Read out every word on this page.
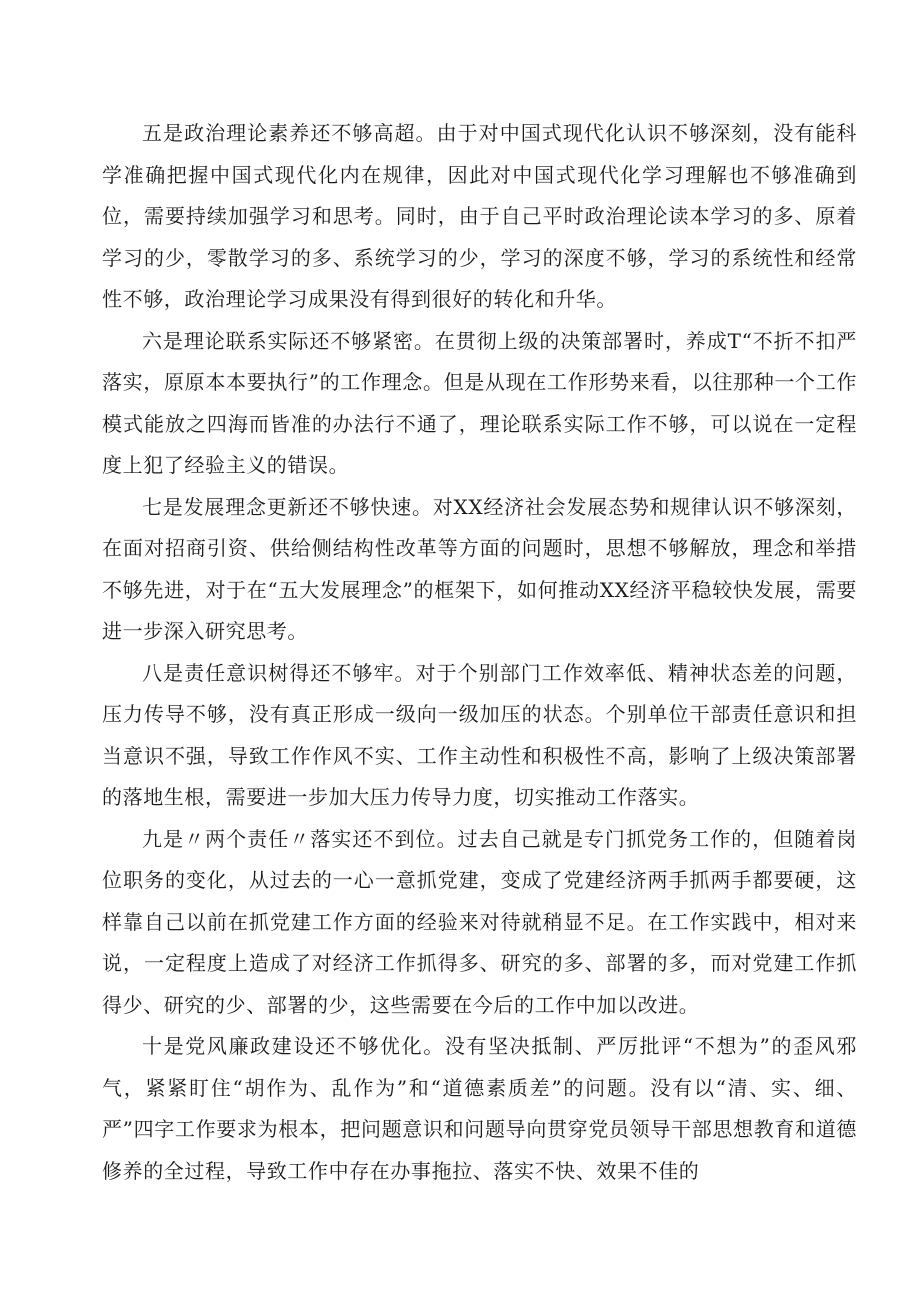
五是政治理论素养还不够高超。由于对中国式现代化认识不够深刻，没有能科学准确把握中国式现代化内在规律，因此对中国式现代化学习理解也不够准确到位，需要持续加强学习和思考。同时，由于自己平时政治理论读本学习的多、原着学习的少，零散学习的多、系统学习的少，学习的深度不够，学习的系统性和经常性不够，政治理论学习成果没有得到很好的转化和升华。

六是理论联系实际还不够紧密。在贯彻上级的决策部署时，养成T“不折不扣严落实，原原本本要执行”的工作理念。但是从现在工作形势来看，以往那种一个工作模式能放之四海而皆准的办法行不通了，理论联系实际工作不够，可以说在一定程度上犯了经验主义的错误。

七是发展理念更新还不够快速。对XX经济社会发展态势和规律认识不够深刻，在面对招商引资、供给侧结构性改革等方面的问题时，思想不够解放，理念和举措不够先进，对于在“五大发展理念”的框架下，如何推动XX经济平稳较快发展，需要进一步深入研究思考。

八是责任意识树得还不够牢。对于个别部门工作效率低、精神状态差的问题，压力传导不够，没有真正形成一级向一级加压的状态。个别单位干部责任意识和担当意识不强，导致工作作风不实、工作主动性和积极性不高，影响了上级决策部署的落地生根，需要进一步加大压力传导力度，切实推动工作落实。

九是〃两个责任〃落实还不到位。过去自己就是专门抓党务工作的，但随着岗位职务的变化，从过去的一心一意抓党建，变成了党建经济两手抓两手都要硬，这样靠自己以前在抓党建工作方面的经验来对待就稍显不足。在工作实践中，相对来说，一定程度上造成了对经济工作抓得多、研究的多、部署的多，而对党建工作抓得少、研究的少、部署的少，这些需要在今后的工作中加以改进。

十是党风廉政建设还不够优化。没有坚决抵制、严厉批评“不想为”的歪风邪气，紧紧盯住“胡作为、乱作为”和“道德素质差”的问题。没有以“清、实、细、严”四字工作要求为根本，把问题意识和问题导向贯穿党员领导干部思想教育和道德修养的全过程，导致工作中存在办事拖拉、落实不快、效果不佳的
